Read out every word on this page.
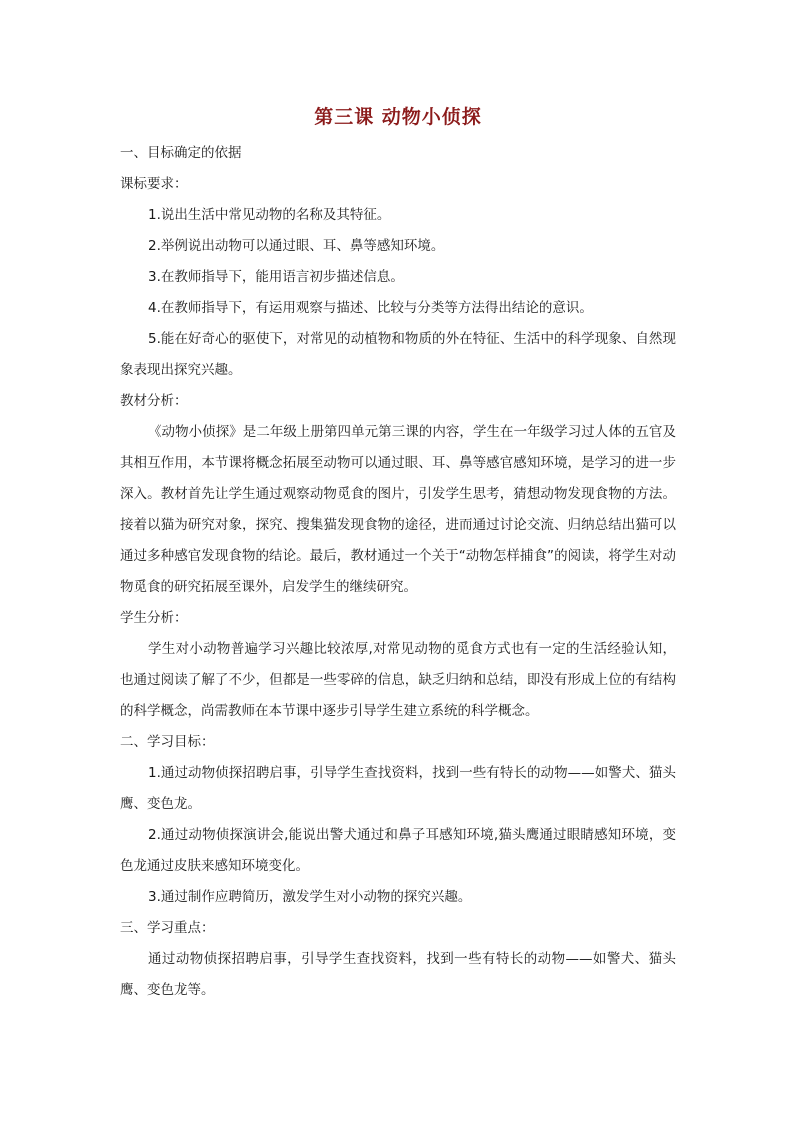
第三课 动物小侦探

一、目标确定的依据

课标要求：

1.说出生活中常见动物的名称及其特征。

2.举例说出动物可以通过眼、耳、鼻等感知环境。

3.在教师指导下，能用语言初步描述信息。

4.在教师指导下，有运用观察与描述、比较与分类等方法得出结论的意识。

5.能在好奇心的驱使下，对常见的动植物和物质的外在特征、生活中的科学现象、自然现象表现出探究兴趣。

教材分析：

《动物小侦探》是二年级上册第四单元第三课的内容，学生在一年级学习过人体的五官及其相互作用，本节课将概念拓展至动物可以通过眼、耳、鼻等感官感知环境，是学习的进一步深入。教材首先让学生通过观察动物觅食的图片，引发学生思考，猜想动物发现食物的方法。接着以猫为研究对象，探究、搜集猫发现食物的途径，进而通过讨论交流、归纳总结出猫可以通过多种感官发现食物的结论。最后，教材通过一个关于“动物怎样捕食”的阅读，将学生对动物觅食的研究拓展至课外，启发学生的继续研究。

学生分析：

学生对小动物普遍学习兴趣比较浓厚,对常见动物的觅食方式也有一定的生活经验认知，也通过阅读了解了不少，但都是一些零碎的信息，缺乏归纳和总结，即没有形成上位的有结构的科学概念，尚需教师在本节课中逐步引导学生建立系统的科学概念。

二、学习目标：

1.通过动物侦探招聘启事，引导学生查找资料，找到一些有特长的动物——如警犬、猫头鹰、变色龙。

2.通过动物侦探演讲会,能说出警犬通过和鼻子耳感知环境,猫头鹰通过眼睛感知环境，变色龙通过皮肤来感知环境变化。

3.通过制作应聘简历，激发学生对小动物的探究兴趣。

三、学习重点：

通过动物侦探招聘启事，引导学生查找资料，找到一些有特长的动物——如警犬、猫头鹰、变色龙等。
